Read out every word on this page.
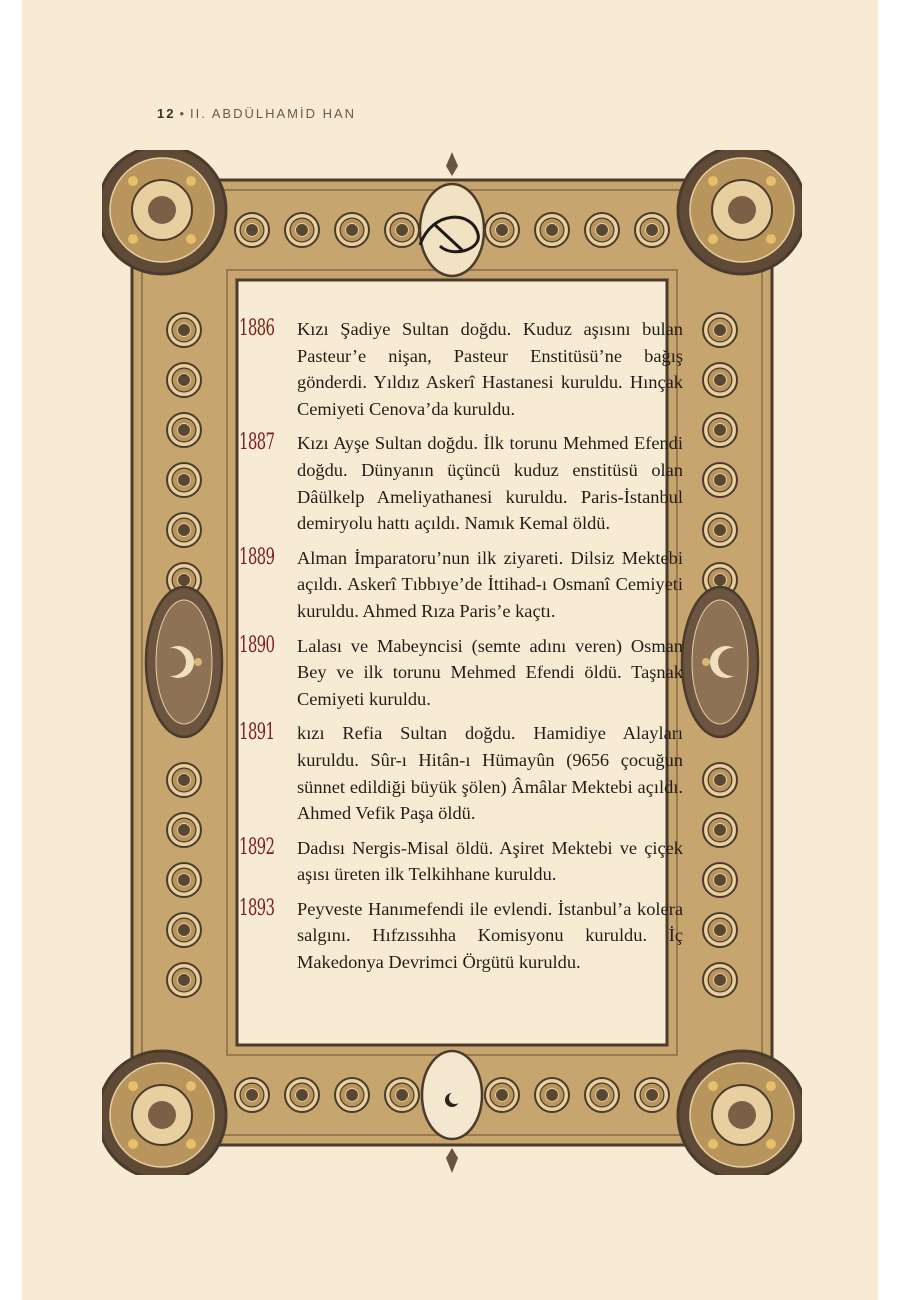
12 • II. ABDÜLHAMİD HAN
1886 Kızı Şadiye Sultan doğdu. Kuduz aşısını bulan Pasteur’e nişan, Pasteur Enstitüsü’ne bağış gönderdi. Yıldız Askerî Hastanesi kuruldu. Hınçak Cemiyeti Cenova’da kuruldu.
1887 Kızı Ayşe Sultan doğdu. İlk torunu Mehmed Efendi doğdu. Dünyanın üçüncü kuduz enstitüsü olan Dâülkelp Ameliyathanesi kuruldu. Paris-İstanbul demiryolu hattı açıldı. Namık Kemal öldü.
1889 Alman İmparatoru’nun ilk ziyareti. Dilsiz Mektebi açıldı. Askerî Tıbbıye’de İttihad-ı Osmanî Cemiyeti kuruldu. Ahmed Rıza Paris’e kaçtı.
1890 Lalası ve Mabeyncisi (semte adını veren) Osman Bey ve ilk torunu Mehmed Efendi öldü. Taşnak Cemiyeti kuruldu.
1891 kızı Refia Sultan doğdu. Hamidiye Alayları kuruldu. Sûr-ı Hitân-ı Hümayûn (9656 çocuğun sünnet edildiği büyük şölen) Âmâlar Mektebi açıldı. Ahmed Vefik Paşa öldü.
1892 Dadısı Nergis-Misal öldü. Aşiret Mektebi ve çiçek aşısı üreten ilk Telkihhane kuruldu.
1893 Peyveste Hanımefendi ile evlendi. İstanbul’a kolera salgını. Hıfzıssıhha Komisyonu kuruldu. İç Makedonya Devrimci Örgütü kuruldu.
